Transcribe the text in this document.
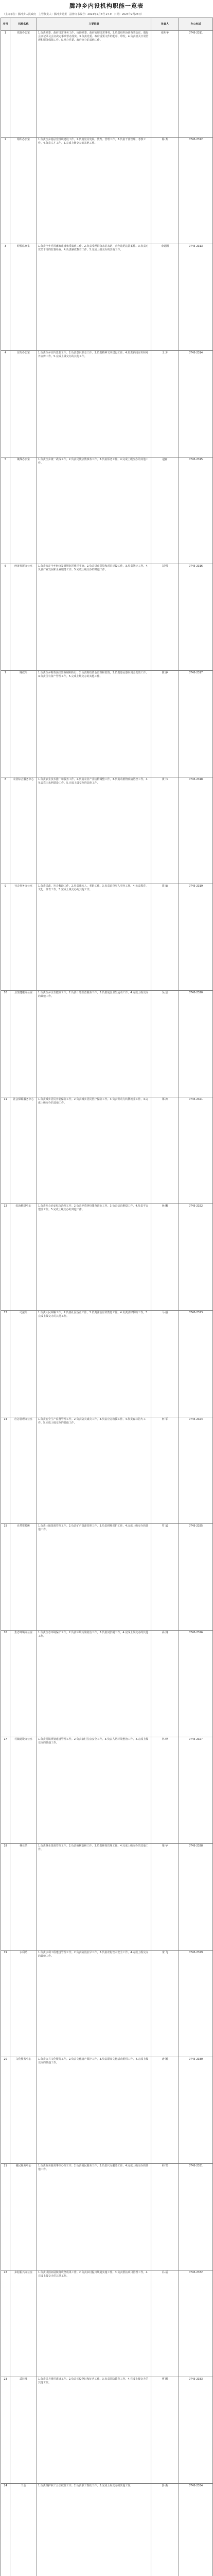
腾冲乡内设机构职能一览表
（主办单位：腾冲乡人民政府　主管负责人：腾冲乡党委　法律文书编号：2024年2月8号·27·9　日期：2024年2月28日）
序号	机构名称	主要职责	负责人	办公电话
1	党政办公室	1.负责党委、政府日常事务工作，协助党委、政府处理日常事务。2.负责组织协调各类会议，做好会议记录及会议决定事项督办落实。3.负责党委、政府重要文件的起草、印发。4.负责机关日常管理和服务保障工作。5.承办党委、政府交办的其他工作。	张明华	0745-2311
2	组织办公室	1.负责全乡基层党组织建设工作。2.负责党员发展、教育、管理工作。3.负责干部管理、考核工作。4.负责人才工作。5.完成上级交办的其他工作。	杨 勇	0745-2312
3	纪检监察室	1.负责全乡党风廉政建设和反腐败工作。2.负责受理群众来信来访，查办违纪违法案件。3.负责对党员干部的监督检查。4.负责廉政教育工作。5.完成上级交办的其他工作。	李建国	0745-2313
4	宣传办公室	1.负责全乡宣传思想工作。2.负责意识形态工作。3.负责精神文明建设工作。4.负责新闻宣传和对外宣传工作。5.完成上级交办的其他工作。	王 芳	0745-2314
5	统战办公室	1.负责全乡统一战线工作。2.负责民族宗教事务工作。3.负责侨务工作。4.完成上级交办的其他工作。	赵丽	0745-2315
6	经济发展办公室	1.负责拟定全乡经济发展规划并组织实施。2.负责招商引资和项目建设工作。3.负责统计工作。4.负责产业发展和企业服务工作。5.完成上级交办的其他工作。	刘 强	0745-2316
7	财政所	1.负责全乡财政预决算编制和执行。2.负责财政资金管理和监督。3.负责惠民惠农资金发放工作。4.负责国有资产管理工作。5.完成上级交办的其他工作。	陈 静	0745-2317
8	农业综合服务中心	1.负责农业技术推广和服务工作。2.负责农业产业结构调整工作。3.负责动植物疫病防控工作。4.负责农田水利建设工作。5.完成上级交办的其他工作。	黄 伟	0745-2318
9	社会事务办公室	1.负责民政、社会救助工作。2.负责残疾人、老龄工作。3.负责退役军人事务工作。4.负责教育、文化、体育工作。5.完成上级交办的其他工作。	周 敏	0745-2319
10	卫生健康办公室	1.负责全乡卫生健康工作。2.负责计划生育服务工作。3.负责爱国卫生运动工作。4.完成上级交办的其他工作。	吴 洁	0745-2320
11	社会保障服务中心	1.负责城乡居民养老保险工作。2.负责城乡居民医疗保险工作。3.负责劳动力转移就业工作。4.完成上级交办的其他工作。	郑 涛	0745-2321
12	综治维稳中心	1.负责社会治安综合治理工作。2.负责矛盾纠纷排查调处工作。3.负责信访维稳工作。4.负责平安建设工作。5.完成上级交办的其他工作。	孙 鹏	0745-2322
13	司法所	1.负责人民调解工作。2.负责社区矫正工作。3.负责法治宣传教育工作。4.负责法律援助工作。5.完成上级交办的其他工作。	马 丽	0745-2323
14	应急管理办公室	1.负责安全生产监督管理工作。2.负责防灾减灾工作。3.负责应急救援工作。4.负责森林防火工作。5.完成上级交办的其他工作。	何 军	0745-2324
15	自然资源所	1.负责土地资源管理工作。2.负责矿产资源管理工作。3.负责耕地保护工作。4.完成上级交办的其他工作。	罗 斌	0745-2325
16	生态环境办公室	1.负责生态环境保护工作。2.负责环境污染防治工作。3.负责河长制工作。4.完成上级交办的其他工作。	高 翔	0745-2326
17	村镇建设办公室	1.负责村镇规划建设管理工作。2.负责农村住房安全工作。3.负责人居环境整治工作。4.完成上级交办的其他工作。	林 峰	0745-2327
18	林业站	1.负责林业资源管理工作。2.负责植树造林工作。3.负责林权管理工作。4.完成上级交办的其他工作。	梁 华	0745-2328
19	水利站	1.负责水利工程建设管理工作。2.负责防汛抗旱工作。3.负责农村饮水安全工作。4.完成上级交办的其他工作。	宋 飞	0745-2329
20	文化服务中心	1.负责公共文化服务工作。2.负责文化遗产保护工作。3.负责群众文化活动组织工作。4.完成上级交办的其他工作。	唐 颖	0745-2330
21	便民服务中心	1.负责政务服务事项办理工作。2.负责便民服务工作。3.负责代办服务工作。4.完成上级交办的其他工作。	韩 雪	0745-2331
22	乡村振兴办公室	1.负责巩固拓展脱贫攻坚成果工作。2.负责乡村振兴规划实施工作。3.负责帮扶项目管理工作。4.完成上级交办的其他工作。	冯 磊	0745-2332
23	武装部	1.负责民兵组织建设工作。2.负责兵役登记和征兵工作。3.负责国防教育工作。4.完成上级交办的其他工作。	曹 刚	0745-2333
24	工会	1.负责维护职工合法权益工作。2.负责职工帮扶工作。3.完成上级交办的其他工作。	彭 燕	0745-2334
